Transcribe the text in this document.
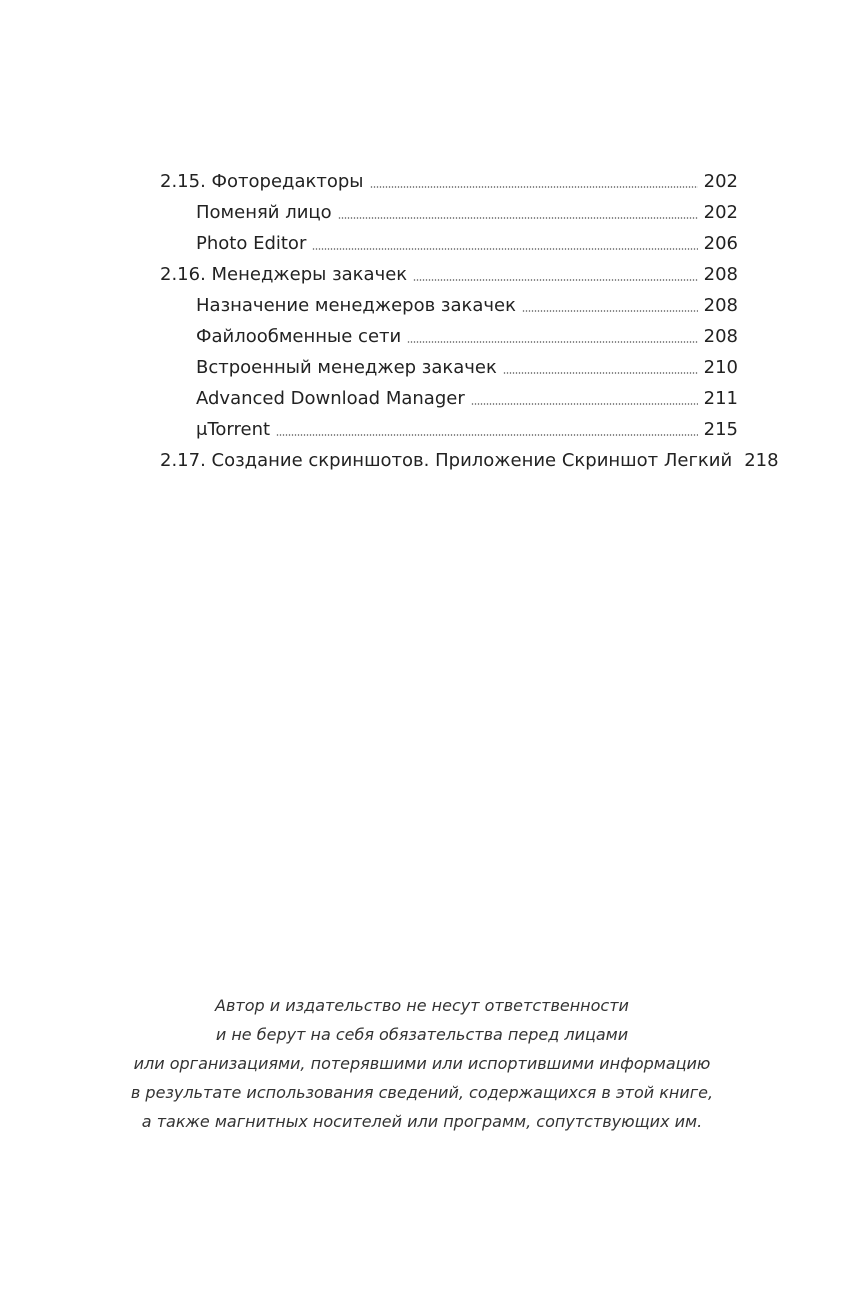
2.15. Фоторедакторы	202
Поменяй лицо	202
Photo Editor	206
2.16. Менеджеры закачек	208
Назначение менеджеров закачек	208
Файлообменные сети	208
Встроенный менеджер закачек	210
Advanced Download Manager	211
μTorrent	215
2.17. Создание скриншотов. Приложение Скриншот Легкий 218
Автор и издательство не несут ответственности
и не берут на себя обязательства перед лицами
или организациями, потерявшими или испортившими информацию
в результате использования сведений, содержащихся в этой книге,
а также магнитных носителей или программ, сопутствующих им.
